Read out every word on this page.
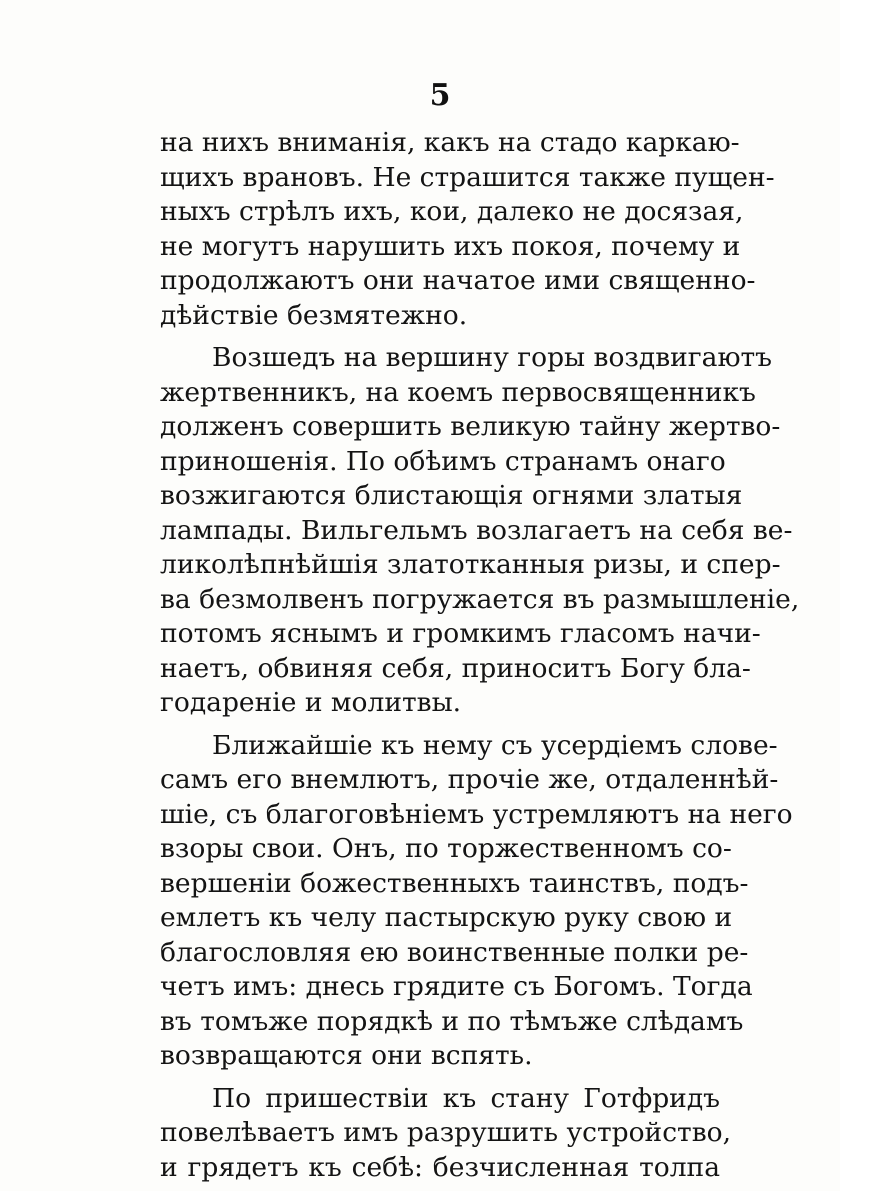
5
на нихъ вниманія, какъ на стадо каркаю-
щихъ врановъ. Не страшится также пущен-
ныхъ стрѣлъ ихъ, кои, далеко не досязая,
не могутъ нарушить ихъ покоя, почему и
продолжаютъ они начатое ими священно-
дѣйствіе безмятежно.
Возшедъ на вершину горы воздвигаютъ
жертвенникъ, на коемъ первосвященникъ
долженъ совершить великую тайну жертво-
приношенія. По обѣимъ странамъ онаго
возжигаются блистающія огнями златыя
лампады. Вильгельмъ возлагаетъ на себя ве-
ликолѣпнѣйшія златотканныя ризы, и спер-
ва безмолвенъ погружается въ размышленіе,
потомъ яснымъ и громкимъ гласомъ начи-
наетъ, обвиняя себя, приноситъ Богу бла-
годареніе и молитвы.
Ближайшіе къ нему съ усердіемъ слове-
самъ его внемлютъ, прочіе же, отдаленнѣй-
шіе, съ благоговѣніемъ устремляютъ на него
взоры свои. Онъ, по торжественномъ со-
вершеніи божественныхъ таинствъ, подъ-
емлетъ къ челу пастырскую руку свою и
благословляя ею воинственные полки ре-
четъ имъ: днесь грядите съ Богомъ. Тогда
въ томъже порядкѣ и по тѣмъже слѣдамъ
возвращаются они вспять.
По пришествіи къ стану Готфридъ
повелѣваетъ имъ разрушить устройство,
и грядетъ къ себѣ: безчисленная толпа
